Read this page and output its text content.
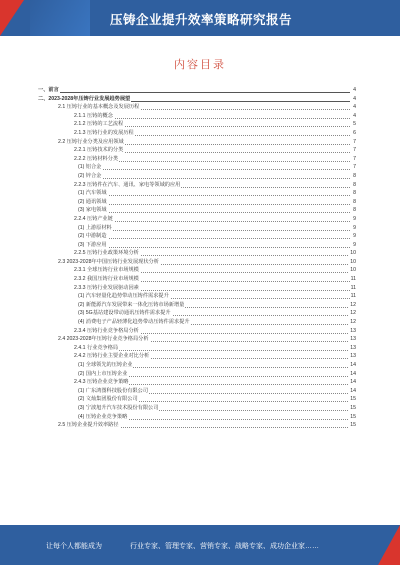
压铸企业提升效率策略研究报告
内容目录
一、前言	4
二、2023-2028年压铸行业发展趋势展望	4
2.1 压铸行业的基本概念及发展历程	4
2.1.1 压铸的概念	4
2.1.2 压铸的工艺流程	5
2.1.3 压铸行业的发展历程	6
2.2 压铸行业分类及应用领域	7
2.2.1 压铸技术的分类	7
2.2.2 压铸材料分类	7
(1) 铝合金	7
(2) 锌合金	8
2.2.3 压铸件在汽车、通讯、家电等领域的应用	8
(1) 汽车领域	8
(2) 通讯领域	8
(3) 家电领域	8
2.2.4 压铸产业链	9
(1) 上游原材料	9
(2) 中游制造	9
(3) 下游应用	9
2.2.5 压铸行业政策环境分析	10
2.3 2023-2028年中国压铸行业发展现状分析	10
2.3.1 全球压铸行业市场规模	10
2.3.2 我国压铸行业市场规模	11
2.3.3 压铸行业发展驱动因素	11
(1) 汽车轻量化趋势带动压铸件需求提升	11
(2) 新能源汽车发展带来一体化压铸市场新增量	12
(3) 5G基站建设带动通讯压铸件需求提升	12
(4) 消费电子产品轻薄化趋势带动压铸件需求提升	12
2.3.4 压铸行业竞争格局分析	13
2.4 2023-2028年压铸行业竞争格局分析	13
2.4.1 行业竞争格局	13
2.4.2 压铸行业主要企业对比分析	13
(1) 全球领先的压铸企业	14
(2) 国内上市压铸企业	14
2.4.3 压铸企业竞争策略	14
(1) 广东鸿图科技股份有限公司	14
(2) 文灿集团股份有限公司	15
(3) 宁波旭升汽车技术股份有限公司	15
(4) 压铸企业竞争策略	15
2.5 压铸企业提升效率路径	15
让每个人都能成为	行业专家、管理专家、营销专家、战略专家、成功企业家……
